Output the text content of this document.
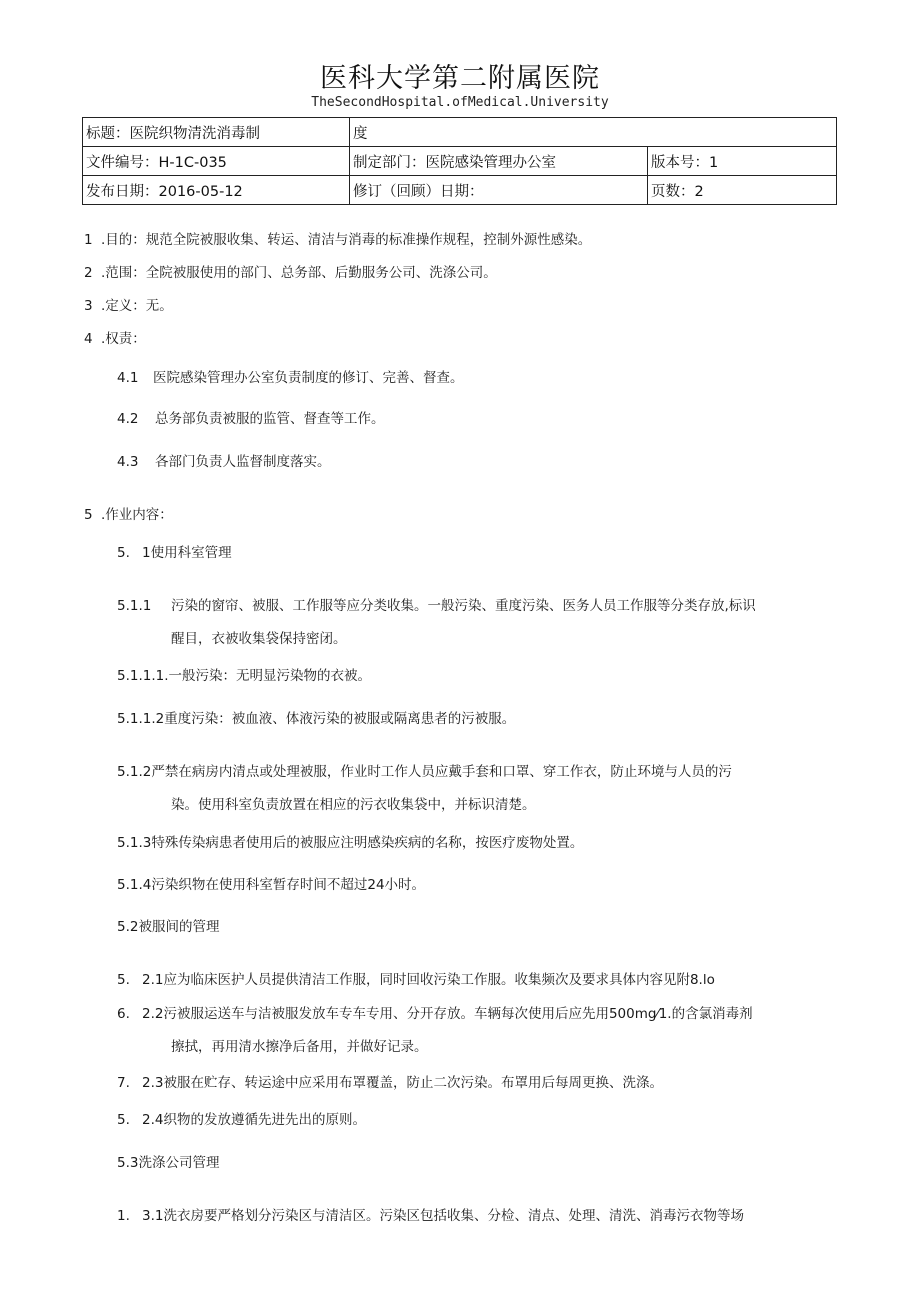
医科大学第二附属医院
TheSecondHospital.ofMedical.University
标题：医院织物清洗消毒制	度	
文件编号：H-1C-035	制定部门：医院感染管理办公室	版本号：1
发布日期：2016-05-12	修订（回顾）日期：	页数：2
1 .目的：规范全院被服收集、转运、清洁与消毒的标准操作规程，控制外源性感染。
2 .范围：全院被服使用的部门、总务部、后勤服务公司、洗涤公司。
3 .定义：无。
4 .权责：
4.1 医院感染管理办公室负责制度的修订、完善、督查。
4.2 总务部负责被服的监管、督查等工作。
4.3 各部门负责人监督制度落实。
5 .作业内容：
5. 1使用科室管理
5.1.1 污染的窗帘、被服、工作服等应分类收集。一般污染、重度污染、医务人员工作服等分类存放,标识
醒目，衣被收集袋保持密闭。
5.1.1.1.一般污染：无明显污染物的衣被。
5.1.1.2重度污染：被血液、体液污染的被服或隔离患者的污被服。
5.1.2严禁在病房内清点或处理被服，作业时工作人员应戴手套和口罩、穿工作衣，防止环境与人员的污
染。使用科室负责放置在相应的污衣收集袋中，并标识清楚。
5.1.3特殊传染病患者使用后的被服应注明感染疾病的名称，按医疗废物处置。
5.1.4污染织物在使用科室暂存时间不超过24小时。
5.2被服间的管理
5. 2.1应为临床医护人员提供清洁工作服，同时回收污染工作服。收集频次及要求具体内容见附8.lo
6. 2.2污被服运送车与洁被服发放车专车专用、分开存放。车辆每次使用后应先用500mg⁄1.的含氯消毒剂
擦拭，再用清水擦净后备用，并做好记录。
7. 2.3被服在贮存、转运途中应采用布罩覆盖，防止二次污染。布罩用后每周更换、洗涤。
5. 2.4织物的发放遵循先进先出的原则。
5.3洗涤公司管理
1. 3.1洗衣房要严格划分污染区与清洁区。污染区包括收集、分检、清点、处理、清洗、消毒污衣物等场
